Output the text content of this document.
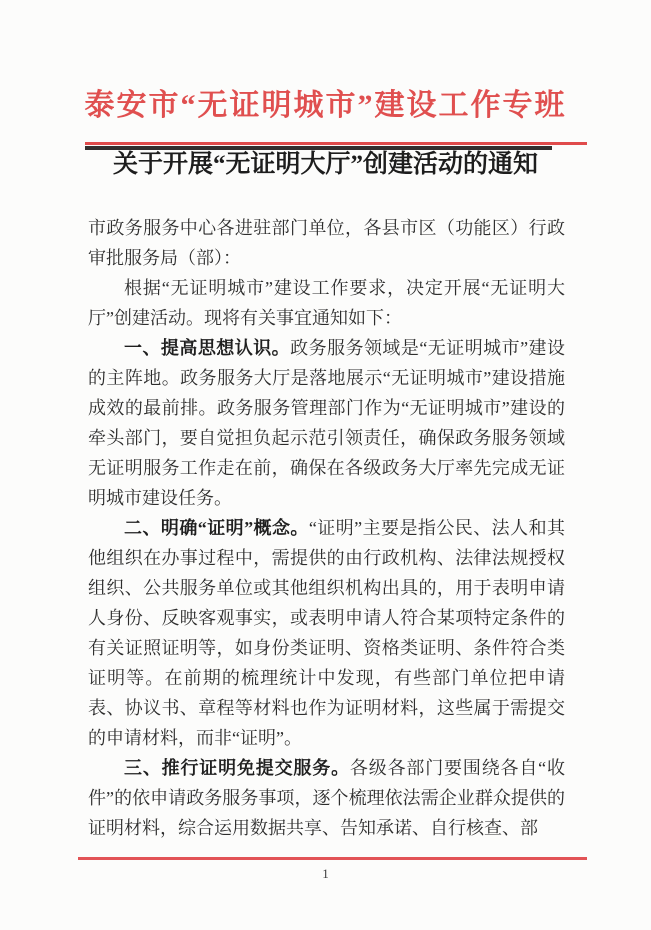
泰安市“无证明城市”建设工作专班
关于开展“无证明大厅”创建活动的通知

市政务服务中心各进驻部门单位，各县市区（功能区）行政审批服务局（部）：

根据“无证明城市”建设工作要求，决定开展“无证明大厅”创建活动。现将有关事宜通知如下：

一、提高思想认识。政务服务领域是“无证明城市”建设的主阵地。政务服务大厅是落地展示“无证明城市”建设措施成效的最前排。政务服务管理部门作为“无证明城市”建设的牵头部门，要自觉担负起示范引领责任，确保政务服务领域无证明服务工作走在前，确保在各级政务大厅率先完成无证明城市建设任务。

二、明确“证明”概念。“证明”主要是指公民、法人和其他组织在办事过程中，需提供的由行政机构、法律法规授权组织、公共服务单位或其他组织机构出具的，用于表明申请人身份、反映客观事实，或表明申请人符合某项特定条件的有关证照证明等，如身份类证明、资格类证明、条件符合类证明等。在前期的梳理统计中发现，有些部门单位把申请表、协议书、章程等材料也作为证明材料，这些属于需提交的申请材料，而非“证明”。

三、推行证明免提交服务。各级各部门要围绕各自“收件”的依申请政务服务事项，逐个梳理依法需企业群众提供的证明材料，综合运用数据共享、告知承诺、自行核查、部

1
